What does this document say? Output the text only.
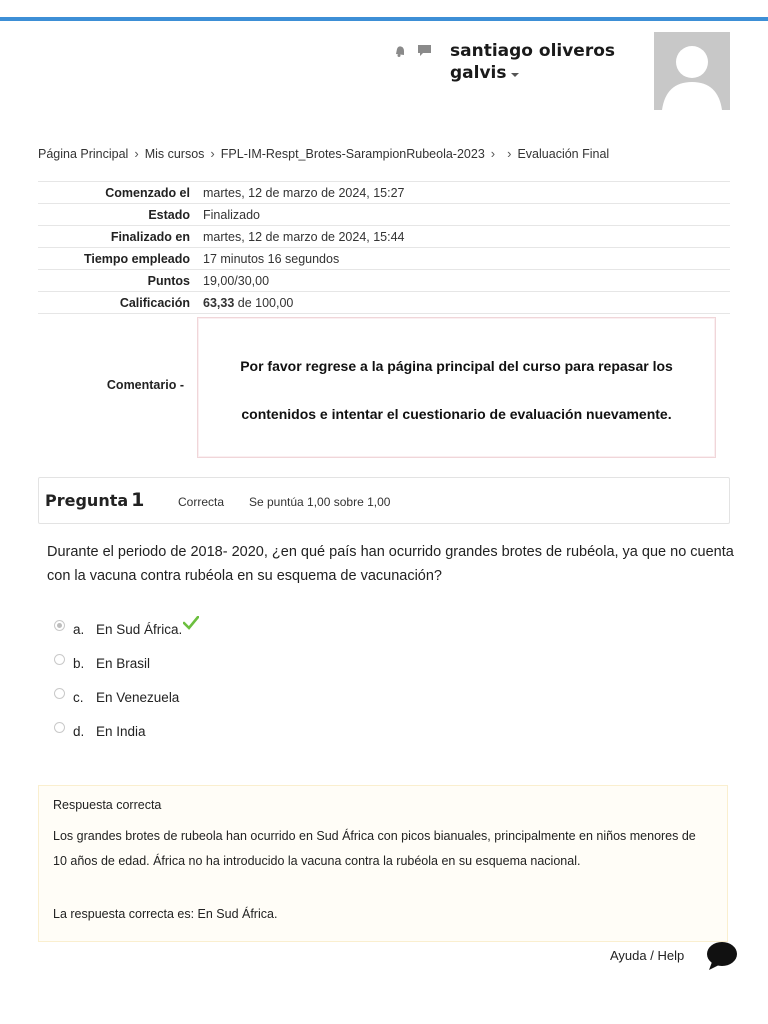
santiago oliveros
galvis
Página Principal › Mis cursos › FPL-IM-Respt_Brotes-SarampionRubeola-2023 › › Evaluación Final
Comenzado el	martes, 12 de marzo de 2024, 15:27
Estado	Finalizado
Finalizado en	martes, 12 de marzo de 2024, 15:44
Tiempo empleado	17 minutos 16 segundos
Puntos	19,00/30,00
Calificación	63,33 de 100,00
Comentario -
Por favor regrese a la página principal del curso para repasar los
contenidos e intentar el cuestionario de evaluación nuevamente.
Pregunta 1	Correcta Se puntúa 1,00 sobre 1,00
Durante el periodo de 2018- 2020, ¿en qué país han ocurrido grandes brotes de rubéola, ya que no cuenta con la vacuna contra rubéola en su esquema de vacunación?
a. En Sud África.
b. En Brasil
c. En Venezuela
d. En India
Respuesta correcta
Los grandes brotes de rubeola han ocurrido en Sud África con picos bianuales, principalmente en niños menores de 10 años de edad. África no ha introducido la vacuna contra la rubéola en su esquema nacional.
La respuesta correcta es: En Sud África.
Ayuda / Help
